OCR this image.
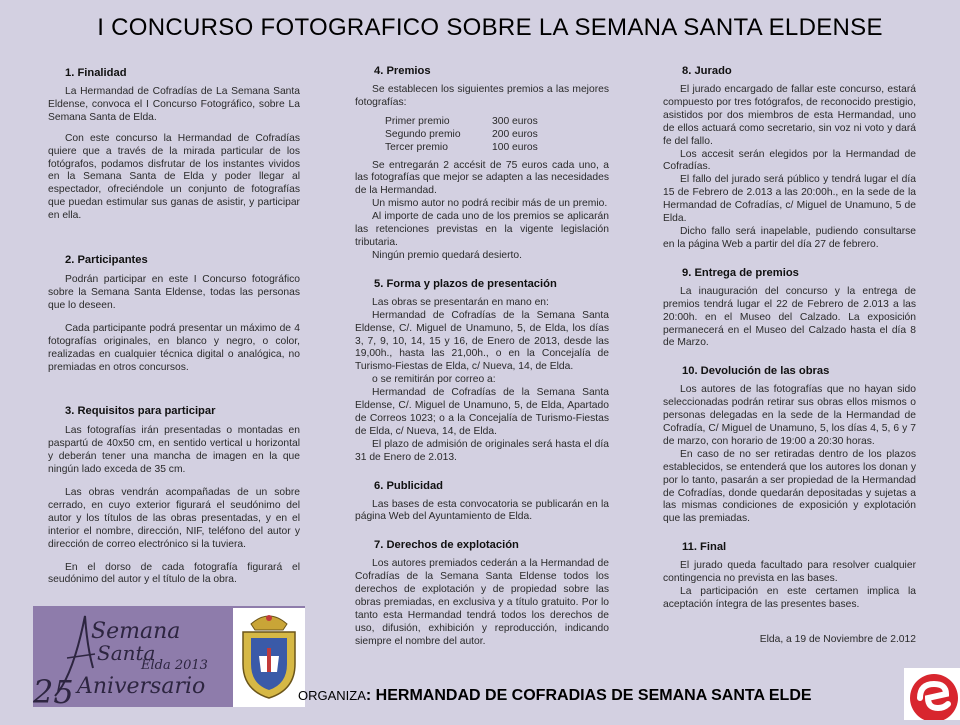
I CONCURSO FOTOGRAFICO SOBRE LA SEMANA SANTA ELDENSE
1. Finalidad

La Hermandad de Cofradías de La Semana Santa Eldense, convoca el I Concurso Fotográfico, sobre La Semana Santa de Elda.

Con este concurso la Hermandad de Cofradías quiere que a través de la mirada particular de los fotógrafos, podamos disfrutar de los instantes vividos en la Semana Santa de Elda y poder llegar al espectador, ofreciéndole un conjunto de fotografías que puedan estimular sus ganas de asistir, y participar en ella.

2. Participantes

Podrán participar en este I Concurso fotográfico sobre la Semana Santa Eldense, todas las personas que lo deseen.

Cada participante podrá presentar un máximo de 4 fotografías originales, en blanco y negro, o color, realizadas en cualquier técnica digital o analógica, no premiadas en otros concursos.

3. Requisitos para participar

Las fotografías irán presentadas o montadas en paspartú de 40x50 cm, en sentido vertical u horizontal y deberán tener una mancha de imagen en la que ningún lado exceda de 35 cm.

Las obras vendrán acompañadas de un sobre cerrado, en cuyo exterior figurará el seudónimo del autor y los títulos de las obras presentadas, y en el interior el nombre, dirección, NIF, teléfono del autor y dirección de correo electrónico si la tuviera.

En el dorso de cada fotografía figurará el seudónimo del autor y el título de la obra.

4. Premios

Se establecen los siguientes premios a las mejores fotografías:

Primer premio	300 euros
Segundo premio	200 euros
Tercer premio	100 euros

Se entregarán 2 accésit de 75 euros cada uno, a las fotografías que mejor se adapten a las necesidades de la Hermandad.

Un mismo autor no podrá recibir más de un premio.

Al importe de cada uno de los premios se aplicarán las retenciones previstas en la vigente legislación tributaria.

Ningún premio quedará desierto.

5. Forma y plazos de presentación

Las obras se presentarán en mano en:

Hermandad de Cofradías de la Semana Santa Eldense, C/. Miguel de Unamuno, 5, de Elda, los días 3, 7, 9, 10, 14, 15 y 16, de Enero de 2013, desde las 19,00h., hasta las 21,00h., o en la Concejalía de Turismo-Fiestas de Elda, c/ Nueva, 14, de Elda.

o se remitirán por correo a:

Hermandad de Cofradías de la Semana Santa Eldense, C/. Miguel de Unamuno, 5, de Elda, Apartado de Correos 1023; o a la Concejalía de Turismo-Fiestas de Elda, c/ Nueva, 14, de Elda.

El plazo de admisión de originales será hasta el día 31 de Enero de 2.013.

6. Publicidad

Las bases de esta convocatoria se publicarán en la página Web del Ayuntamiento de Elda.

7. Derechos de explotación

Los autores premiados cederán a la Hermandad de Cofradías de la Semana Santa Eldense todos los derechos de explotación y de propiedad sobre las obras premiadas, en exclusiva y a título gratuito. Por lo tanto esta Hermandad tendrá todos los derechos de uso, difusión, exhibición y reproducción, indicando siempre el nombre del autor.

8. Jurado

El jurado encargado de fallar este concurso, estará compuesto por tres fotógrafos, de reconocido prestigio, asistidos por dos miembros de esta Hermandad, uno de ellos actuará como secretario, sin voz ni voto y dará fe del fallo.

Los accesit serán elegidos por la Hermandad de Cofradías.

El fallo del jurado será público y tendrá lugar el día 15 de Febrero de 2.013 a las 20:00h., en la sede de la Hermandad de Cofradías, c/ Miguel de Unamuno, 5 de Elda.

Dicho fallo será inapelable, pudiendo consultarse en la página Web a partir del día 27 de febrero.

9. Entrega de premios

La inauguración del concurso y la entrega de premios tendrá lugar el 22 de Febrero de 2.013 a las 20:00h. en el Museo del Calzado. La exposición permanecerá en el Museo del Calzado hasta el día 8 de Marzo.

10. Devolución de las obras

Los autores de las fotografías que no hayan sido seleccionadas podrán retirar sus obras ellos mismos o personas delegadas en la sede de la Hermandad de Cofradía, C/ Miguel de Unamuno, 5, los días 4, 5, 6 y 7 de marzo, con horario de 19:00 a 20:30 horas.

En caso de no ser retiradas dentro de los plazos establecidos, se entenderá que los autores los donan y por lo tanto, pasarán a ser propiedad de la Hermandad de Cofradías, donde quedarán depositadas y sujetas a las mismas condiciones de exposición y explotación que las premiadas.

11. Final

El jurado queda facultado para resolver cualquier contingencia no prevista en las bases.

La participación en este certamen implica la aceptación íntegra de las presentes bases.

Elda, a 19 de Noviembre de 2.012

Semana
Santa
Elda 2013
25 Aniversario	ORGANIZA: HERMANDAD DE COFRADIAS DE SEMANA SANTA ELDE
